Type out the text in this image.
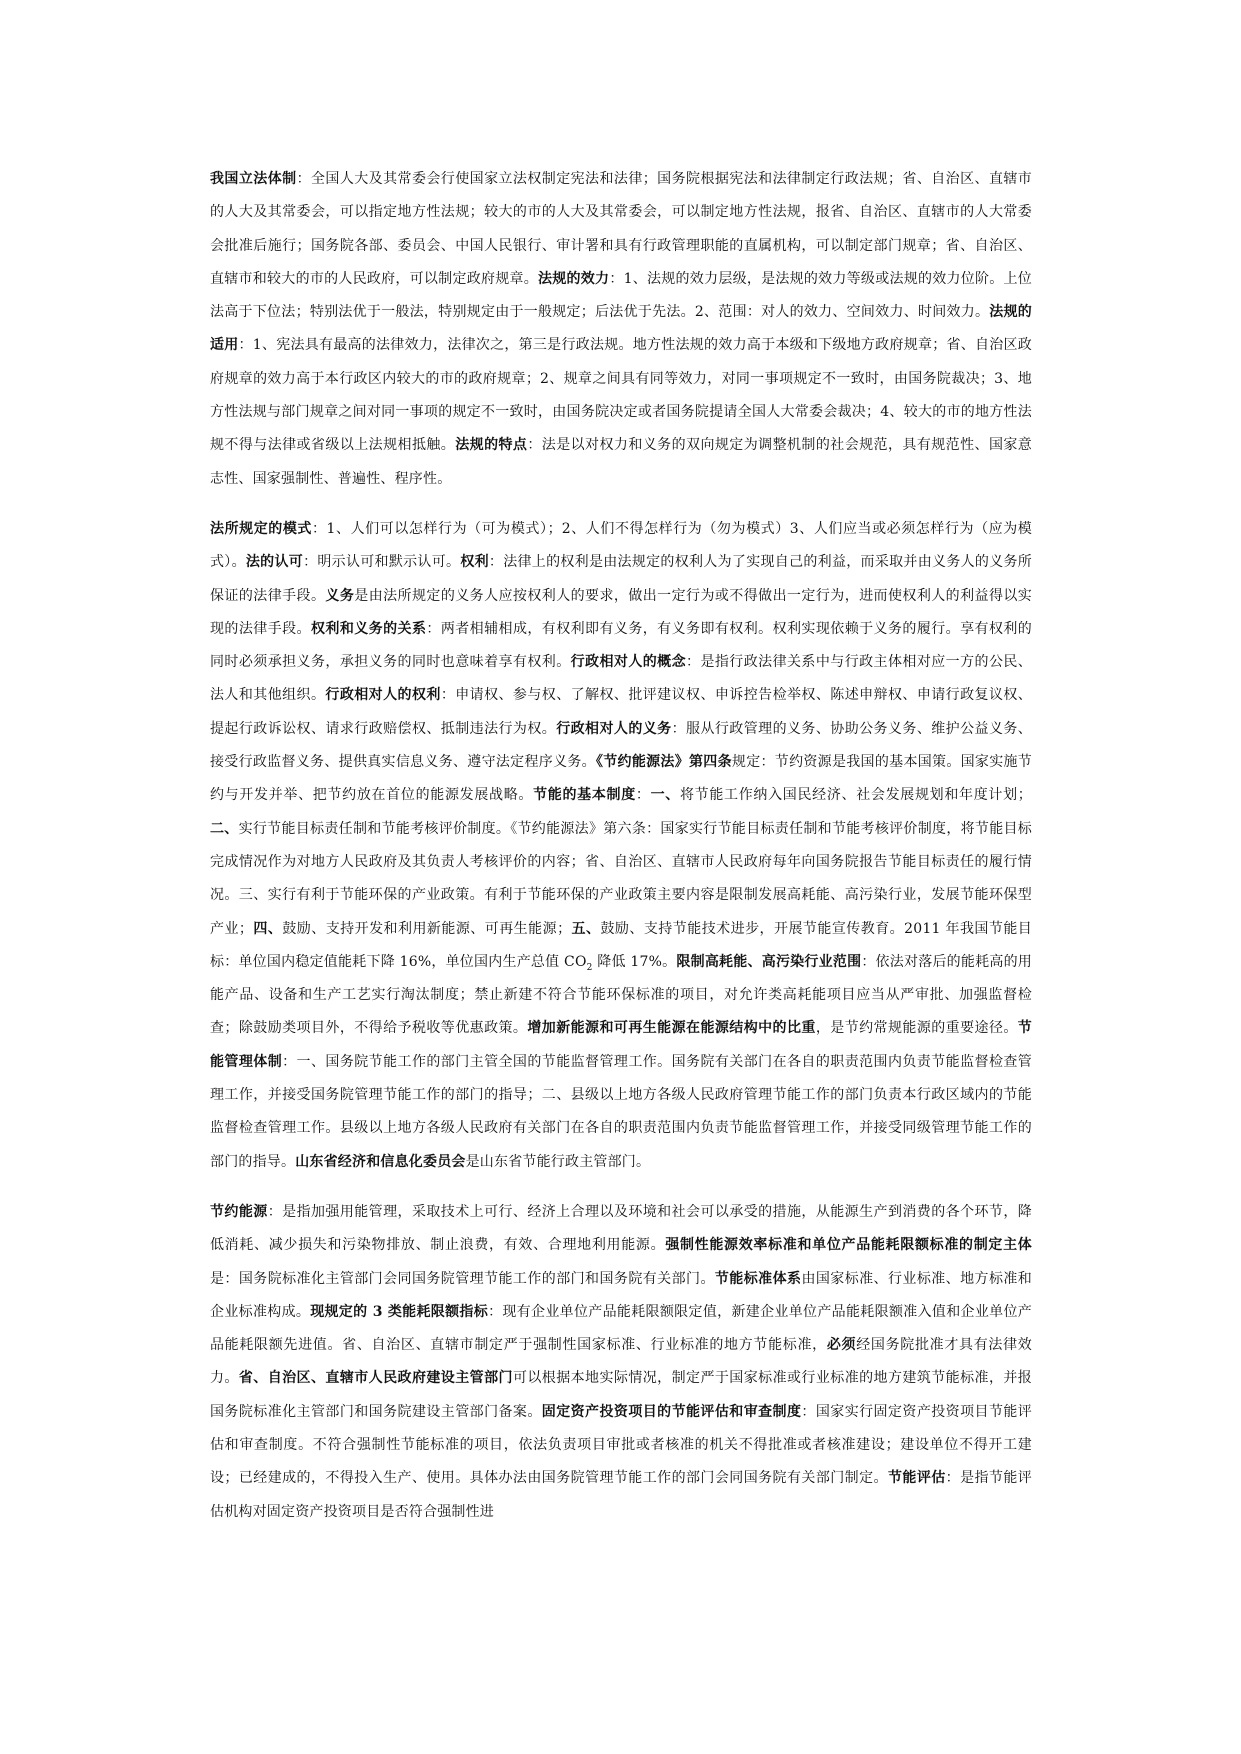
我国立法体制：全国人大及其常委会行使国家立法权制定宪法和法律；国务院根据宪法和法律制定行政法规；省、自治区、直辖市的人大及其常委会，可以指定地方性法规；较大的市的人大及其常委会，可以制定地方性法规，报省、自治区、直辖市的人大常委会批准后施行；国务院各部、委员会、中国人民银行、审计署和具有行政管理职能的直属机构，可以制定部门规章；省、自治区、直辖市和较大的市的人民政府，可以制定政府规章。法规的效力：1、法规的效力层级，是法规的效力等级或法规的效力位阶。上位法高于下位法；特别法优于一般法，特别规定由于一般规定；后法优于先法。2、范围：对人的效力、空间效力、时间效力。法规的适用：1、宪法具有最高的法律效力，法律次之，第三是行政法规。地方性法规的效力高于本级和下级地方政府规章；省、自治区政府规章的效力高于本行政区内较大的市的政府规章；2、规章之间具有同等效力，对同一事项规定不一致时，由国务院裁决；3、地方性法规与部门规章之间对同一事项的规定不一致时，由国务院决定或者国务院提请全国人大常委会裁决；4、较大的市的地方性法规不得与法律或省级以上法规相抵触。法规的特点：法是以对权力和义务的双向规定为调整机制的社会规范，具有规范性、国家意志性、国家强制性、普遍性、程序性。

法所规定的模式：1、人们可以怎样行为（可为模式）；2、人们不得怎样行为（勿为模式）3、人们应当或必须怎样行为（应为模式）。法的认可：明示认可和默示认可。权利：法律上的权利是由法规定的权利人为了实现自己的利益，而采取并由义务人的义务所保证的法律手段。义务是由法所规定的义务人应按权利人的要求，做出一定行为或不得做出一定行为，进而使权利人的利益得以实现的法律手段。权利和义务的关系：两者相辅相成，有权利即有义务，有义务即有权利。权利实现依赖于义务的履行。享有权利的同时必须承担义务，承担义务的同时也意味着享有权利。行政相对人的概念：是指行政法律关系中与行政主体相对应一方的公民、法人和其他组织。行政相对人的权利：申请权、参与权、了解权、批评建议权、申诉控告检举权、陈述申辩权、申请行政复议权、提起行政诉讼权、请求行政赔偿权、抵制违法行为权。行政相对人的义务：服从行政管理的义务、协助公务义务、维护公益义务、接受行政监督义务、提供真实信息义务、遵守法定程序义务。《节约能源法》第四条规定：节约资源是我国的基本国策。国家实施节约与开发并举、把节约放在首位的能源发展战略。节能的基本制度：一、将节能工作纳入国民经济、社会发展规划和年度计划；二、实行节能目标责任制和节能考核评价制度。《节约能源法》第六条：国家实行节能目标责任制和节能考核评价制度，将节能目标完成情况作为对地方人民政府及其负责人考核评价的内容；省、自治区、直辖市人民政府每年向国务院报告节能目标责任的履行情况。三、实行有利于节能环保的产业政策。有利于节能环保的产业政策主要内容是限制发展高耗能、高污染行业，发展节能环保型产业；四、鼓励、支持开发和利用新能源、可再生能源；五、鼓励、支持节能技术进步，开展节能宣传教育。2011 年我国节能目标：单位国内稳定值能耗下降 16%，单位国内生产总值 $CO_2$ 降低 17%。限制高耗能、高污染行业范围：依法对落后的能耗高的用能产品、设备和生产工艺实行淘汰制度；禁止新建不符合节能环保标准的项目，对允许类高耗能项目应当从严审批、加强监督检查；除鼓励类项目外，不得给予税收等优惠政策。增加新能源和可再生能源在能源结构中的比重，是节约常规能源的重要途径。节能管理体制：一、国务院节能工作的部门主管全国的节能监督管理工作。国务院有关部门在各自的职责范围内负责节能监督检查管理工作，并接受国务院管理节能工作的部门的指导；二、县级以上地方各级人民政府管理节能工作的部门负责本行政区域内的节能监督检查管理工作。县级以上地方各级人民政府有关部门在各自的职责范围内负责节能监督管理工作，并接受同级管理节能工作的部门的指导。山东省经济和信息化委员会是山东省节能行政主管部门。

节约能源：是指加强用能管理，采取技术上可行、经济上合理以及环境和社会可以承受的措施，从能源生产到消费的各个环节，降低消耗、减少损失和污染物排放、制止浪费，有效、合理地利用能源。强制性能源效率标准和单位产品能耗限额标准的制定主体是：国务院标准化主管部门会同国务院管理节能工作的部门和国务院有关部门。节能标准体系由国家标准、行业标准、地方标准和企业标准构成。现规定的 3 类能耗限额指标：现有企业单位产品能耗限额限定值，新建企业单位产品能耗限额准入值和企业单位产品能耗限额先进值。省、自治区、直辖市制定严于强制性国家标准、行业标准的地方节能标准，必须经国务院批准才具有法律效力。省、自治区、直辖市人民政府建设主管部门可以根据本地实际情况，制定严于国家标准或行业标准的地方建筑节能标准，并报国务院标准化主管部门和国务院建设主管部门备案。固定资产投资项目的节能评估和审查制度：国家实行固定资产投资项目节能评估和审查制度。不符合强制性节能标准的项目，依法负责项目审批或者核准的机关不得批准或者核准建设；建设单位不得开工建设；已经建成的，不得投入生产、使用。具体办法由国务院管理节能工作的部门会同国务院有关部门制定。节能评估：是指节能评估机构对固定资产投资项目是否符合强制性进
